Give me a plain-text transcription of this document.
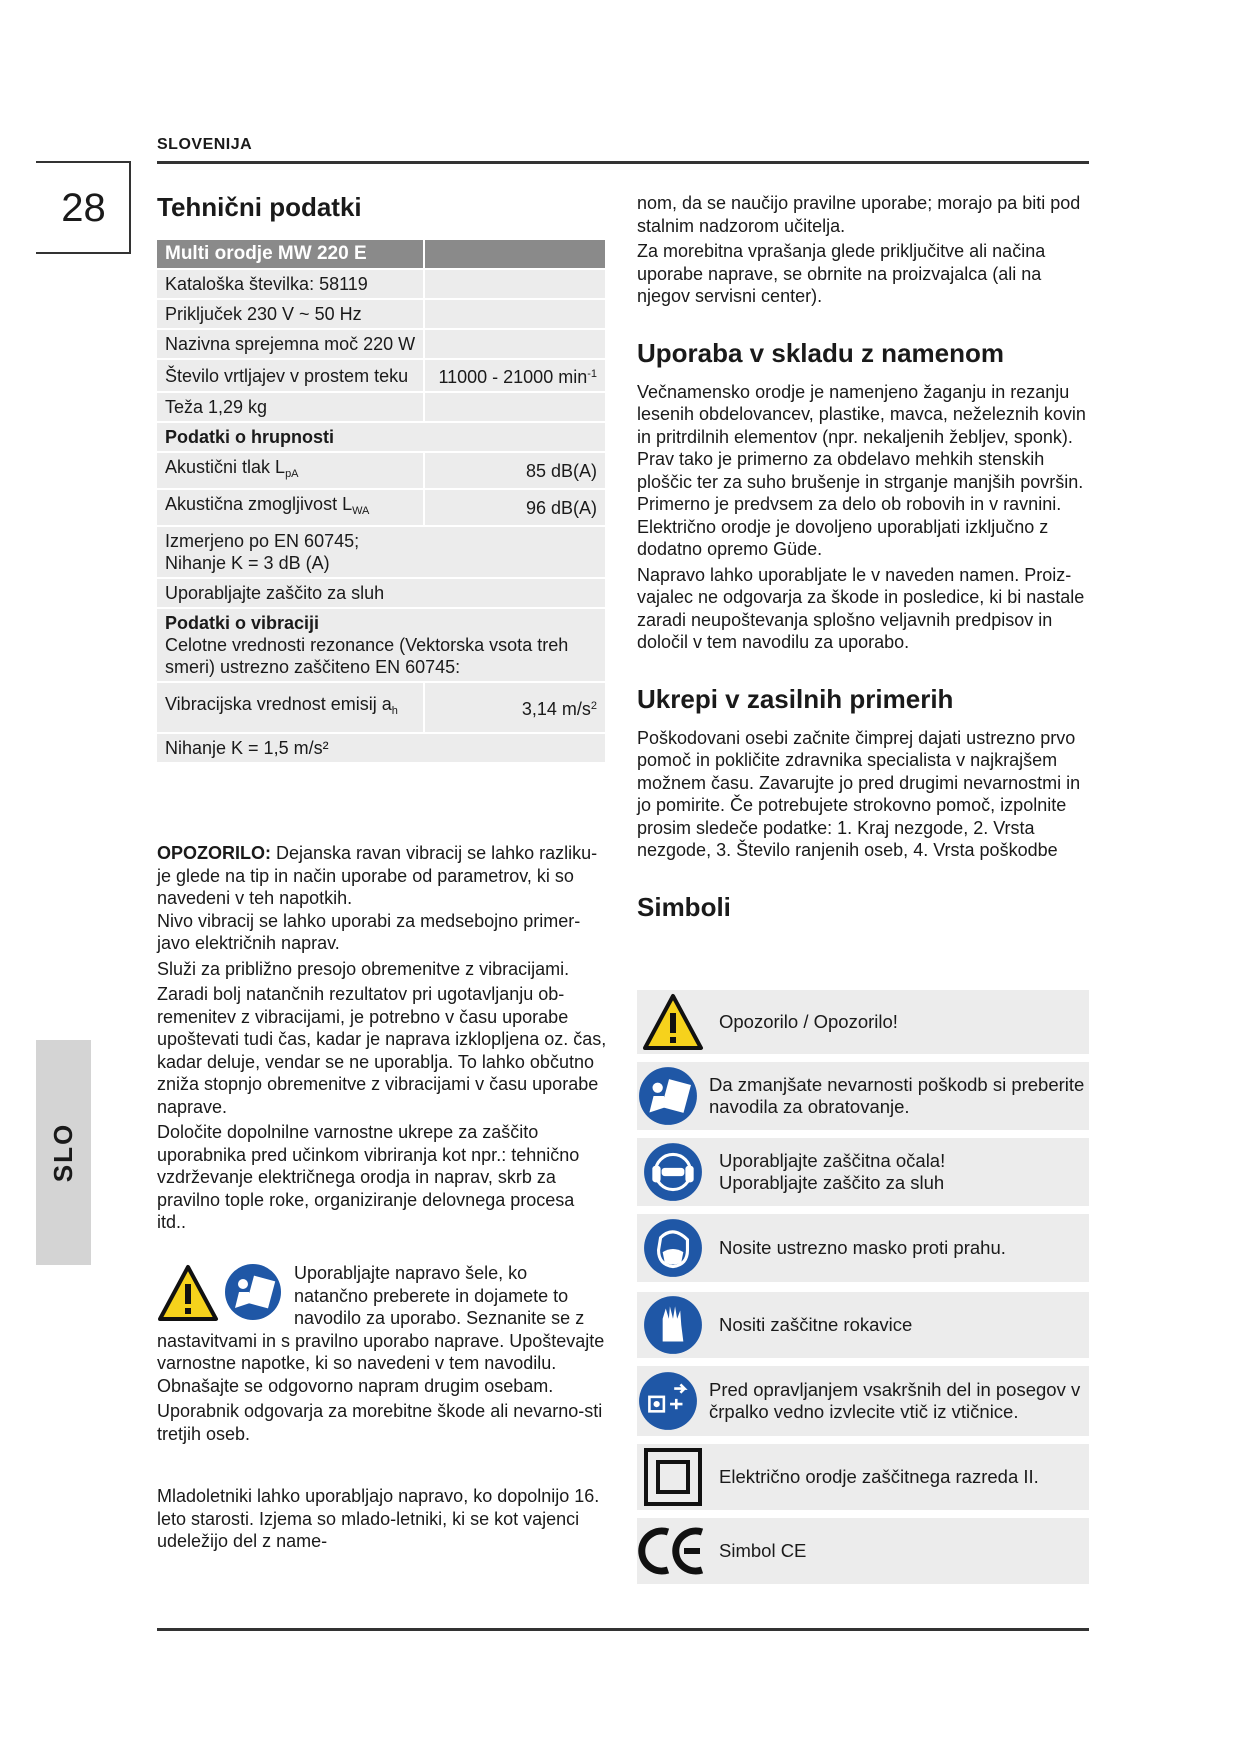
SLOVENIJA
28
SLO
Tehnični podatki
Multi orodje MW 220 E	
Kataloška številka: 58119	
Priključek 230 V ~ 50 Hz	
Nazivna sprejemna moč 220 W	
Število vrtljajev v prostem teku	11000 - 21000 $\min^{-1}$
Teža 1,29 kg	
Podatki o hrupnosti	
Akustični tlak $L_{pA}$	85 dB(A)
Akustična zmogljivost $L_{WA}$	96 dB(A)

Izmerjeno po EN 60745;
Nihanje K = 3 dB (A)	

Uporabljajte zaščito za sluh	

Podatki o vibraciji
Celotne vrednosti rezonance (Vektorska vsota treh smeri) ustrezno zaščiteno EN 60745:	

Vibracijska vrednost emisij $a_h$	3,14 $m/s^2$
Nihanje K = 1,5 m/s²	

OPOZORILO: Dejanska ravan vibracij se lahko razliku-je glede na tip in način uporabe od parametrov, ki so navedeni v teh napotkih.

Nivo vibracij se lahko uporabi za medsebojno primer-javo električnih naprav.

Služi za približno presojo obremenitve z vibracijami.

Zaradi bolj natančnih rezultatov pri ugotavljanju ob-remenitev z vibracijami, je potrebno v času uporabe upoštevati tudi čas, kadar je naprava izklopljena oz. čas, kadar deluje, vendar se ne uporablja. To lahko občutno zniža stopnjo obremenitve z vibracijami v času uporabe naprave.

Določite dopolnilne varnostne ukrepe za zaščito uporabnika pred učinkom vibriranja kot npr.: tehnično vzdrževanje električnega orodja in naprav, skrb za pravilno tople roke, organiziranje delovnega procesa itd..

Uporabljajte napravo šele, ko

natančno preberete in dojamete to

navodilo za uporabo. Seznanite se z

nastavitvami in s pravilno uporabo naprave. Upoštevajte varnostne napotke, ki so navedeni v tem navodilu. Obnašajte se odgovorno napram drugim osebam.

Uporabnik odgovarja za morebitne škode ali nevarno-sti tretjih oseb.

Mladoletniki lahko uporabljajo napravo, ko dopolnijo 16. leto starosti. Izjema so mlado-letniki, ki se kot vajenci udeležijo del z name-

nom, da se naučijo pravilne uporabe; morajo pa biti pod stalnim nadzorom učitelja.

Za morebitna vprašanja glede priključitve ali načina uporabe naprave, se obrnite na proizvajalca (ali na njegov servisni center).

Uporaba v skladu z namenom

Večnamensko orodje je namenjeno žaganju in rezanju lesenih obdelovancev, plastike, mavca, neželeznih kovin in pritrdilnih elementov (npr. nekaljenih žebljev, sponk). Prav tako je primerno za obdelavo mehkih stenskih ploščic ter za suho brušenje in strganje manjših površin. Primerno je predvsem za delo ob robovih in v ravnini. Električno orodje je dovoljeno uporabljati izključno z dodatno opremo Güde.

Napravo lahko uporabljate le v naveden namen. Proiz-vajalec ne odgovarja za škode in posledice, ki bi nastale zaradi neupoštevanja splošno veljavnih predpisov in določil v tem navodilu za uporabo.

Ukrepi v zasilnih primerih

Poškodovani osebi začnite čimprej dajati ustrezno prvo pomoč in pokličite zdravnika specialista v najkrajšem možnem času. Zavarujte jo pred drugimi nevarnostmi in jo pomirite. Če potrebujete strokovno pomoč, izpolnite prosim sledeče podatke: 1. Kraj nezgode, 2. Vrsta nezgode, 3. Število ranjenih oseb, 4. Vrsta poškodbe

Simboli
Opozorilo / Opozorilo!
Da zmanjšate nevarnosti poškodb si preberite navodila za obratovanje.
Uporabljajte zaščitna očala!
Uporabljajte zaščito za sluh
Nosite ustrezno masko proti prahu.
Nositi zaščitne rokavice
Pred opravljanjem vsakršnih del in posegov v črpalko vedno izvlecite vtič iz vtičnice.
Električno orodje zaščitnega razreda II.
Simbol CE
